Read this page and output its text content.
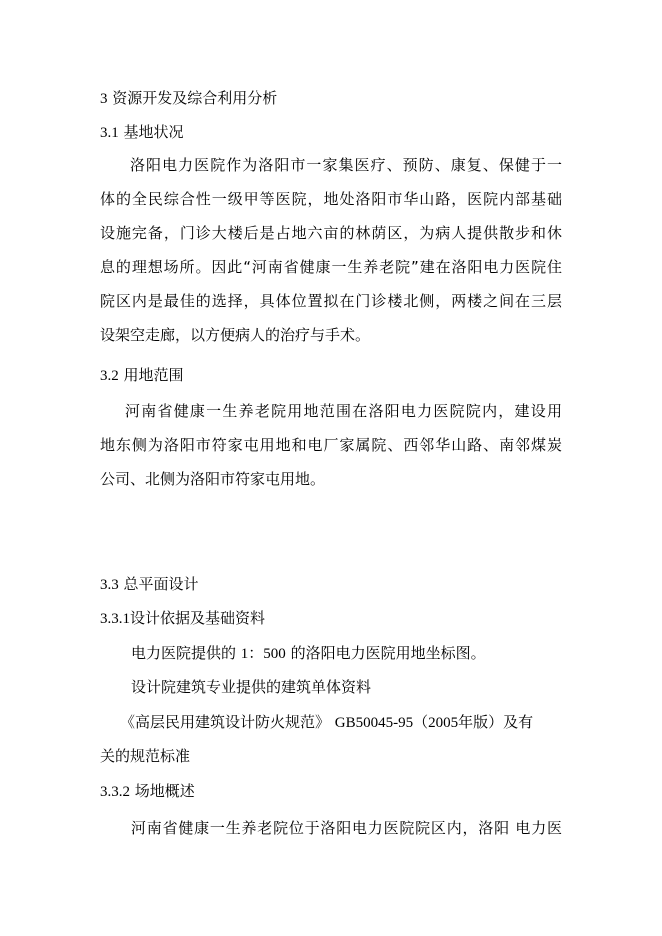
3 资源开发及综合利用分析
3.1 基地状况
洛阳电力医院作为洛阳市一家集医疗、预防、康复、保健于一
体的全民综合性一级甲等医院，地处洛阳市华山路，医院内部基础
设施完备，门诊大楼后是占地六亩的林荫区，为病人提供散步和休
息的理想场所。因此“河南省健康一生养老院”建在洛阳电力医院住
院区内是最佳的选择，具体位置拟在门诊楼北侧，两楼之间在三层
设架空走廊，以方便病人的治疗与手术。
3.2 用地范围
河南省健康一生养老院用地范围在洛阳电力医院院内，建设用
地东侧为洛阳市符家屯用地和电厂家属院、西邻华山路、南邻煤炭
公司、北侧为洛阳市符家屯用地。
3.3 总平面设计
3.3.1设计依据及基础资料
电力医院提供的 1：500 的洛阳电力医院用地坐标图。
设计院建筑专业提供的建筑单体资料
《高层民用建筑设计防火规范》 GB50045-95（2005年版）及有
关的规范标准
3.3.2 场地概述
河南省健康一生养老院位于洛阳电力医院院区内，洛阳 电力医
